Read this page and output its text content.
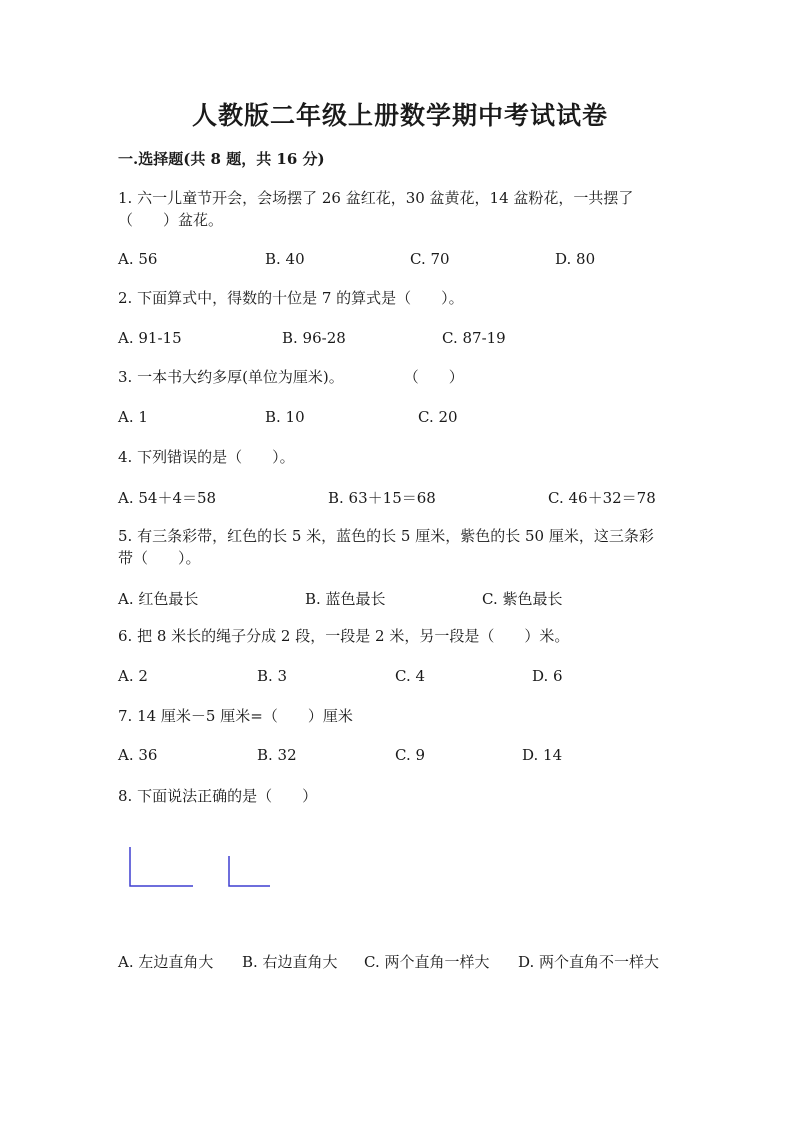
人教版二年级上册数学期中考试试卷
一.选择题(共 8 题，共 16 分)
1. 六一儿童节开会，会场摆了 26 盆红花，30 盆黄花，14 盆粉花，一共摆了
（　　）盆花。
A. 56	B. 40	C. 70	D. 80
2. 下面算式中，得数的十位是 7 的算式是（　　）。
A. 91-15	B. 96-28	C. 87-19
3. 一本书大约多厚(单位为厘米)。　　　　　（　　）
A. 1	B. 10	C. 20
4. 下列错误的是（　　）。
A. 54＋4＝58	B. 63＋15＝68	C. 46＋32＝78
5. 有三条彩带，红色的长 5 米，蓝色的长 5 厘米，紫色的长 50 厘米，这三条彩
带（　　）。
A. 红色最长	B. 蓝色最长	C. 紫色最长
6. 把 8 米长的绳子分成 2 段，一段是 2 米，另一段是（　　）米。
A. 2	B. 3	C. 4	D. 6
7. 14 厘米－5 厘米=（　　）厘米
A. 36	B. 32	C. 9	D. 14
8. 下面说法正确的是（　　）
A. 左边直角大 B. 右边直角大 C. 两个直角一样大 D. 两个直角不一样大
